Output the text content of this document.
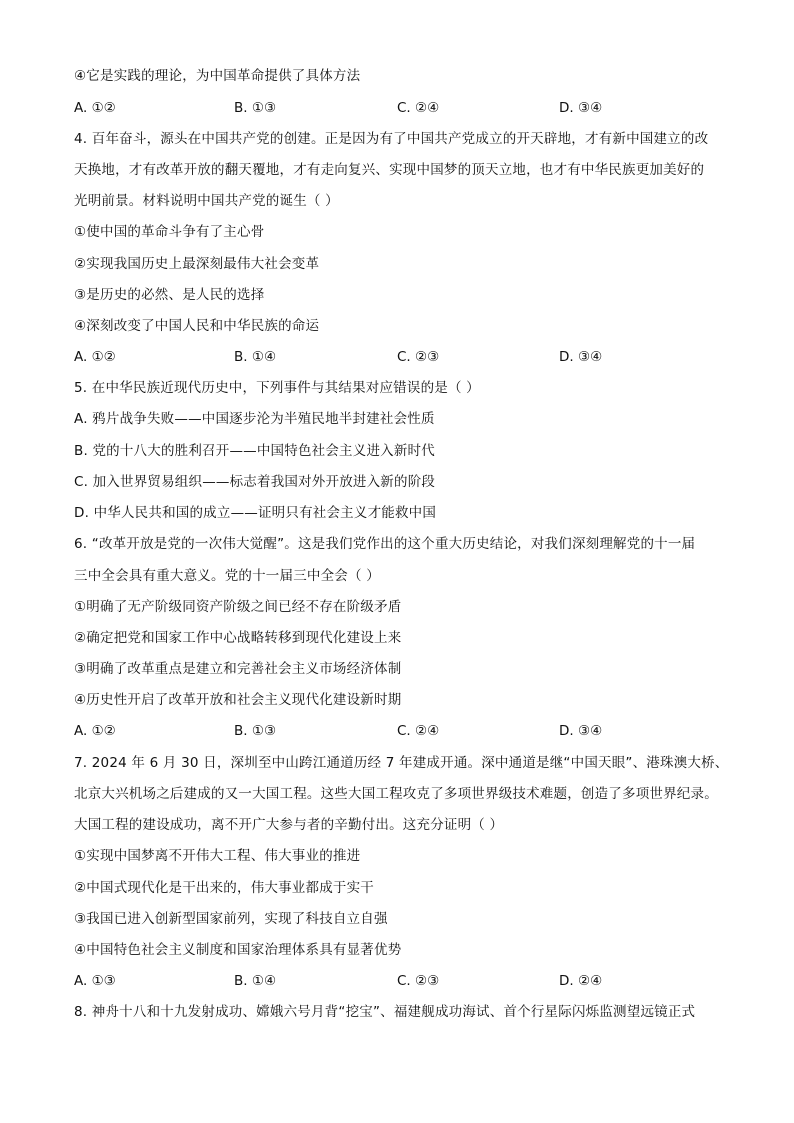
④它是实践的理论，为中国革命提供了具体方法
A. ①②	B. ①③	C. ②④	D. ③④
4. 百年奋斗，源头在中国共产党的创建。正是因为有了中国共产党成立的开天辟地，才有新中国建立的改
天换地，才有改革开放的翻天覆地，才有走向复兴、实现中国梦的顶天立地，也才有中华民族更加美好的
光明前景。材料说明中国共产党的诞生（ ）
①使中国的革命斗争有了主心骨
②实现我国历史上最深刻最伟大社会变革
③是历史的必然、是人民的选择
④深刻改变了中国人民和中华民族的命运
A. ①②	B. ①④	C. ②③	D. ③④
5. 在中华民族近现代历史中，下列事件与其结果对应错误的是（ ）
A. 鸦片战争失败——中国逐步沦为半殖民地半封建社会性质
B. 党的十八大的胜利召开——中国特色社会主义进入新时代
C. 加入世界贸易组织——标志着我国对外开放进入新的阶段
D. 中华人民共和国的成立——证明只有社会主义才能救中国
6. “改革开放是党的一次伟大觉醒”。这是我们党作出的这个重大历史结论，对我们深刻理解党的十一届
三中全会具有重大意义。党的十一届三中全会（ ）
①明确了无产阶级同资产阶级之间已经不存在阶级矛盾
②确定把党和国家工作中心战略转移到现代化建设上来
③明确了改革重点是建立和完善社会主义市场经济体制
④历史性开启了改革开放和社会主义现代化建设新时期
A. ①②	B. ①③	C. ②④	D. ③④
7. 2024 年 6 月 30 日，深圳至中山跨江通道历经 7 年建成开通。深中通道是继“中国天眼”、港珠澳大桥、
北京大兴机场之后建成的又一大国工程。这些大国工程攻克了多项世界级技术难题，创造了多项世界纪录。
大国工程的建设成功，离不开广大参与者的辛勤付出。这充分证明（ ）
①实现中国梦离不开伟大工程、伟大事业的推进
②中国式现代化是干出来的，伟大事业都成于实干
③我国已进入创新型国家前列，实现了科技自立自强
④中国特色社会主义制度和国家治理体系具有显著优势
A. ①③	B. ①④	C. ②③	D. ②④
8. 神舟十八和十九发射成功、嫦娥六号月背“挖宝”、福建舰成功海试、首个行星际闪烁监测望远镜正式
